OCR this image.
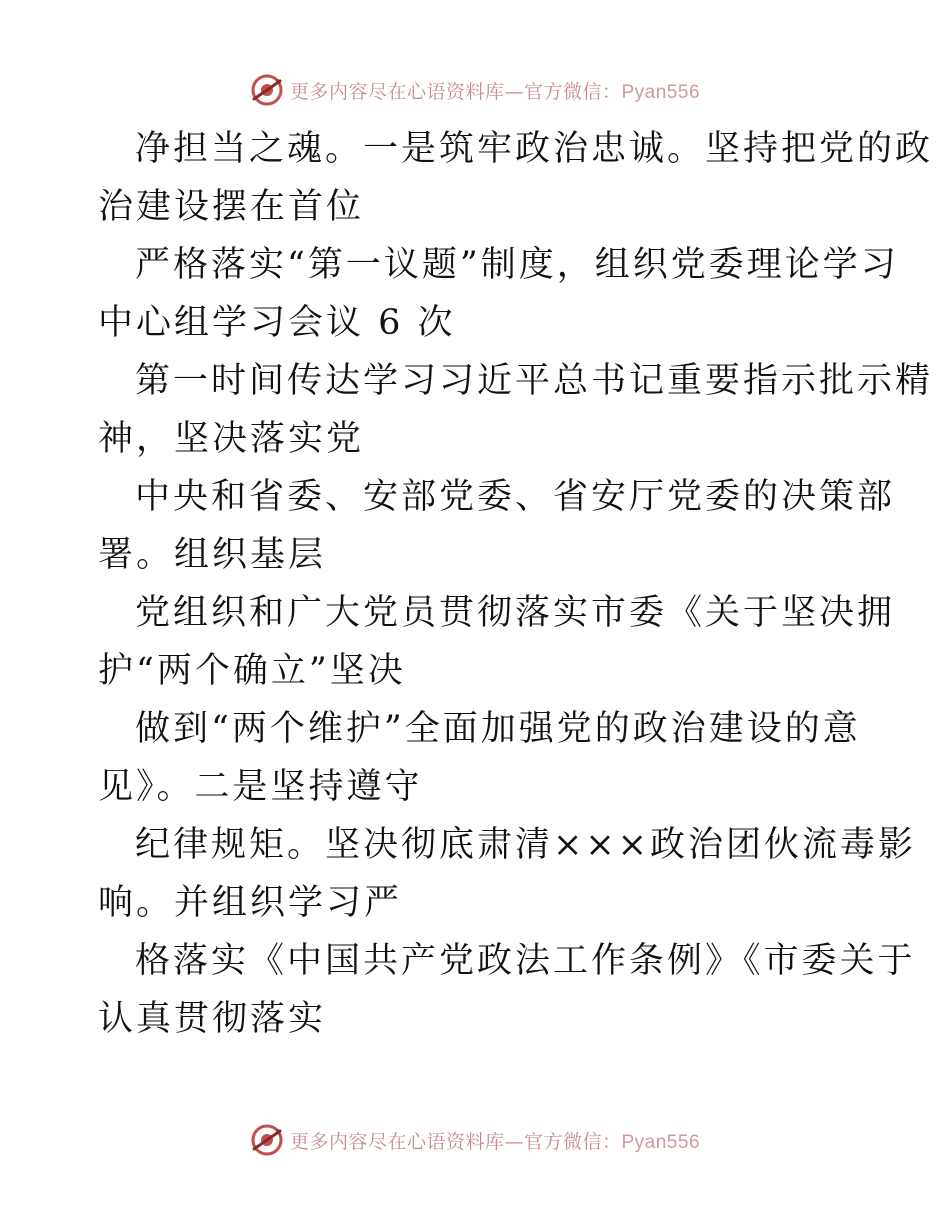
更多内容尽在心语资料库—官方微信：Pyan556
净担当之魂。一是筑牢政治忠诚。坚持把党的政
治建设摆在首位
严格落实“第一议题”制度，组织党委理论学习
中心组学习会议 6 次
第一时间传达学习习近平总书记重要指示批示精
神，坚决落实党
中央和省委、安部党委、省安厅党委的决策部
署。组织基层
党组织和广大党员贯彻落实市委《关于坚决拥
护“两个确立”坚决
做到“两个维护”全面加强党的政治建设的意
见》。二是坚持遵守
纪律规矩。坚决彻底肃清×××政治团伙流毒影
响。并组织学习严
格落实《中国共产党政法工作条例》《市委关于
认真贯彻落实
更多内容尽在心语资料库—官方微信：Pyan556
